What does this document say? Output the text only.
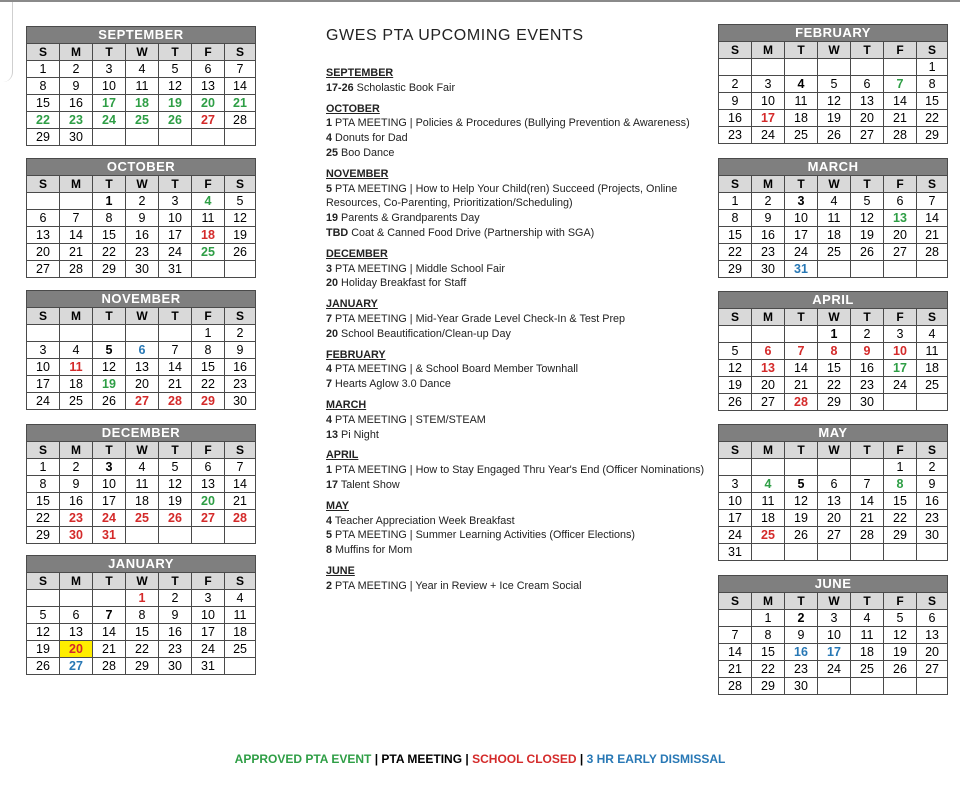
GWES PTA UPCOMING EVENTS
SEPTEMBER						
S	M	T	W	T	F	S
1	2	3	4	5	6	7
8	9	10	11	12	13	14
15	16	17	18	19	20	21
22	23	24	25	26	27	28
29	30					
OCTOBER						
S	M	T	W	T	F	S
		1	2	3	4	5
6	7	8	9	10	11	12
13	14	15	16	17	18	19
20	21	22	23	24	25	26
27	28	29	30	31		
NOVEMBER						
S	M	T	W	T	F	S
					1	2
3	4	5	6	7	8	9
10	11	12	13	14	15	16
17	18	19	20	21	22	23
24	25	26	27	28	29	30
DECEMBER						
S	M	T	W	T	F	S
1	2	3	4	5	6	7
8	9	10	11	12	13	14
15	16	17	18	19	20	21
22	23	24	25	26	27	28
29	30	31				
JANUARY						
S	M	T	W	T	F	S
			1	2	3	4
5	6	7	8	9	10	11
12	13	14	15	16	17	18
19	20	21	22	23	24	25
26	27	28	29	30	31	
FEBRUARY						
S	M	T	W	T	F	S
						1
2	3	4	5	6	7	8
9	10	11	12	13	14	15
16	17	18	19	20	21	22
23	24	25	26	27	28	29
MARCH						
S	M	T	W	T	F	S
1	2	3	4	5	6	7
8	9	10	11	12	13	14
15	16	17	18	19	20	21
22	23	24	25	26	27	28
29	30	31				
APRIL						
S	M	T	W	T	F	S
			1	2	3	4
5	6	7	8	9	10	11
12	13	14	15	16	17	18
19	20	21	22	23	24	25
26	27	28	29	30		
MAY						
S	M	T	W	T	F	S
					1	2
3	4	5	6	7	8	9
10	11	12	13	14	15	16
17	18	19	20	21	22	23
24	25	26	27	28	29	30
31						
JUNE						
S	M	T	W	T	F	S
	1	2	3	4	5	6
7	8	9	10	11	12	13
14	15	16	17	18	19	20
21	22	23	24	25	26	27
28	29	30				
SEPTEMBER
17-26 Scholastic Book Fair
OCTOBER
1 PTA MEETING | Policies & Procedures (Bullying Prevention & Awareness)
4 Donuts for Dad
25 Boo Dance
NOVEMBER
5 PTA MEETING | How to Help Your Child(ren) Succeed (Projects, Online Resources, Co-Parenting, Prioritization/Scheduling)
19 Parents & Grandparents Day
TBD Coat & Canned Food Drive (Partnership with SGA)
DECEMBER
3 PTA MEETING | Middle School Fair
20 Holiday Breakfast for Staff
JANUARY
7 PTA MEETING | Mid-Year Grade Level Check-In & Test Prep
20 School Beautification/Clean-up Day
FEBRUARY
4 PTA MEETING | & School Board Member Townhall
7 Hearts Aglow 3.0 Dance
MARCH
4 PTA MEETING | STEM/STEAM
13 Pi Night
APRIL
1 PTA MEETING | How to Stay Engaged Thru Year's End (Officer Nominations)
17 Talent Show
MAY
4 Teacher Appreciation Week Breakfast
5 PTA MEETING | Summer Learning Activities (Officer Elections)
8 Muffins for Mom
JUNE
2 PTA MEETING | Year in Review + Ice Cream Social
APPROVED PTA EVENT | PTA MEETING | SCHOOL CLOSED | 3 HR EARLY DISMISSAL
